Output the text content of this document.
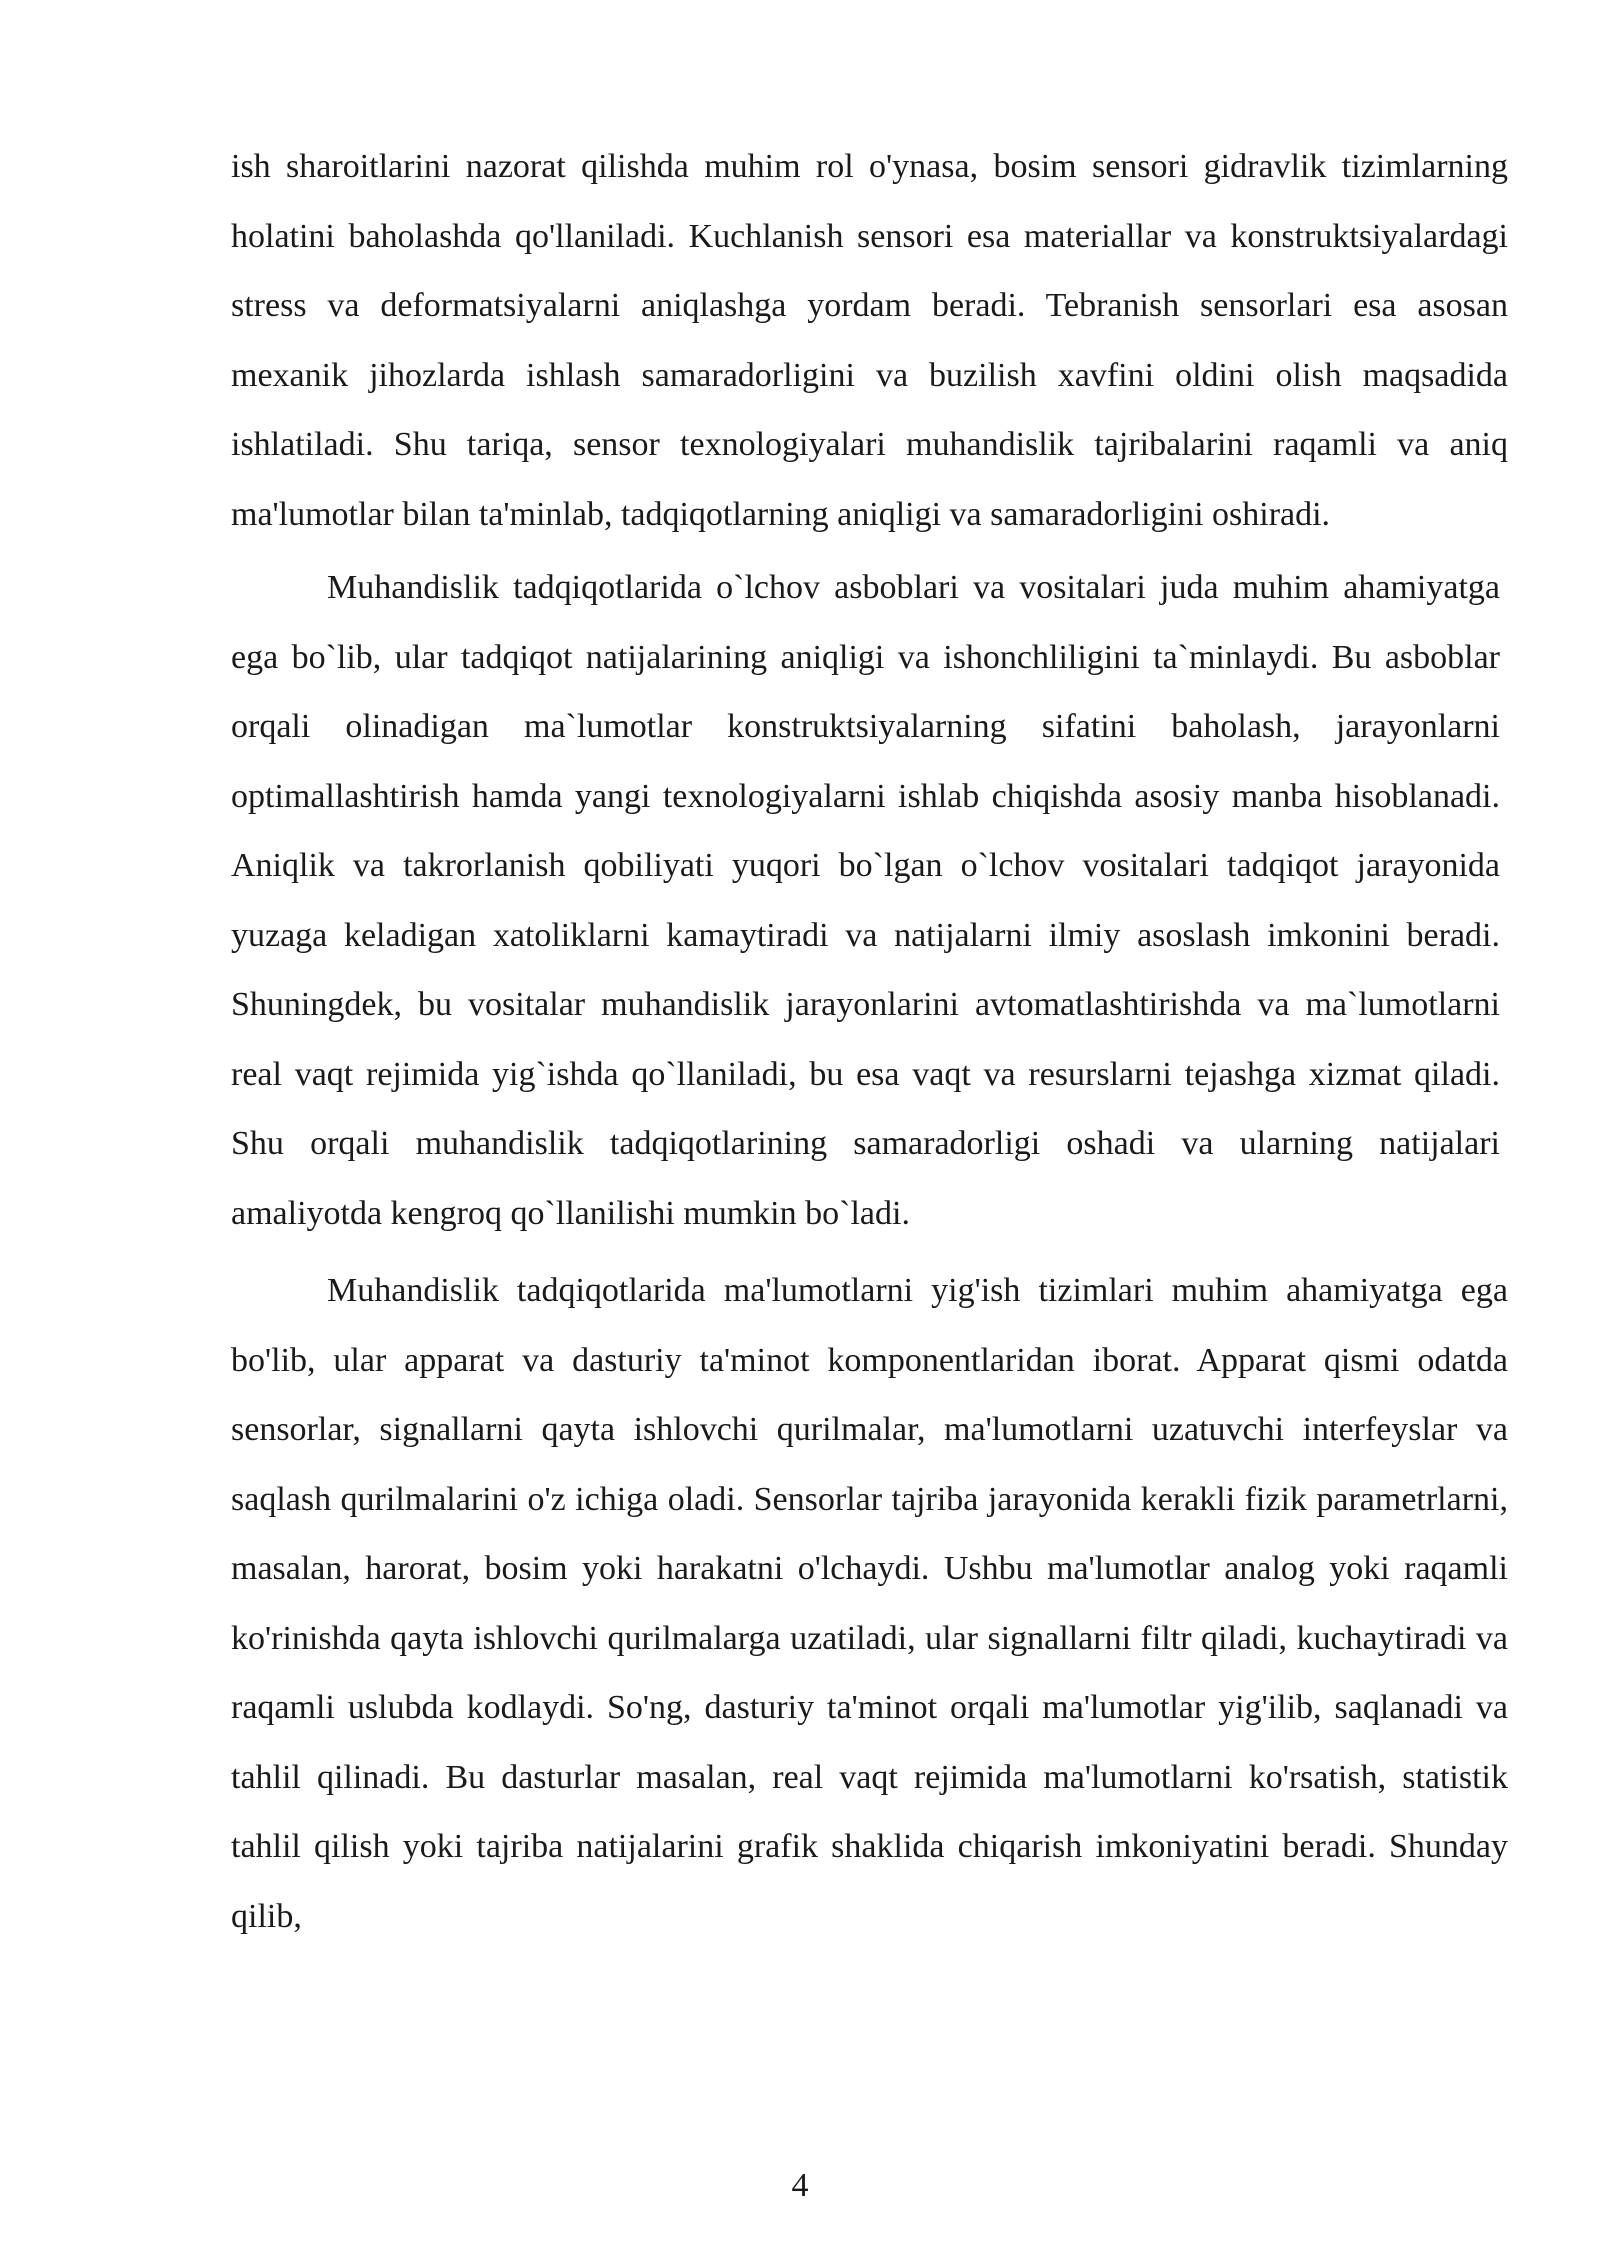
ish sharoitlarini nazorat qilishda muhim rol o'ynasa, bosim sensori gidravlik tizimlarning holatini baholashda qo'llaniladi. Kuchlanish sensori esa materiallar va konstruktsiyalardagi stress va deformatsiyalarni aniqlashga yordam beradi. Tebranish sensorlari esa asosan mexanik jihozlarda ishlash samaradorligini va buzilish xavfini oldini olish maqsadida ishlatiladi. Shu tariqa, sensor texnologiyalari muhandislik tajribalarini raqamli va aniq ma'lumotlar bilan ta'minlab, tadqiqotlarning aniqligi va samaradorligini oshiradi.

Muhandislik tadqiqotlarida o`lchov asboblari va vositalari juda muhim ahamiyatga ega bo`lib, ular tadqiqot natijalarining aniqligi va ishonchliligini ta`minlaydi. Bu asboblar orqali olinadigan ma`lumotlar konstruktsiyalarning sifatini baholash, jarayonlarni optimallashtirish hamda yangi texnologiyalarni ishlab chiqishda asosiy manba hisoblanadi. Aniqlik va takrorlanish qobiliyati yuqori bo`lgan o`lchov vositalari tadqiqot jarayonida yuzaga keladigan xatoliklarni kamaytiradi va natijalarni ilmiy asoslash imkonini beradi. Shuningdek, bu vositalar muhandislik jarayonlarini avtomatlashtirishda va ma`lumotlarni real vaqt rejimida yig`ishda qo`llaniladi, bu esa vaqt va resurslarni tejashga xizmat qiladi. Shu orqali muhandislik tadqiqotlarining samaradorligi oshadi va ularning natijalari amaliyotda kengroq qo`llanilishi mumkin bo`ladi.

Muhandislik tadqiqotlarida ma'lumotlarni yig'ish tizimlari muhim ahamiyatga ega bo'lib, ular apparat va dasturiy ta'minot komponentlaridan iborat. Apparat qismi odatda sensorlar, signallarni qayta ishlovchi qurilmalar, ma'lumotlarni uzatuvchi interfeyslar va saqlash qurilmalarini o'z ichiga oladi. Sensorlar tajriba jarayonida kerakli fizik parametrlarni, masalan, harorat, bosim yoki harakatni o'lchaydi. Ushbu ma'lumotlar analog yoki raqamli ko'rinishda qayta ishlovchi qurilmalarga uzatiladi, ular signallarni filtr qiladi, kuchaytiradi va raqamli uslubda kodlaydi. So'ng, dasturiy ta'minot orqali ma'lumotlar yig'ilib, saqlanadi va tahlil qilinadi. Bu dasturlar masalan, real vaqt rejimida ma'lumotlarni ko'rsatish, statistik tahlil qilish yoki tajriba natijalarini grafik shaklida chiqarish imkoniyatini beradi. Shunday qilib,

4
